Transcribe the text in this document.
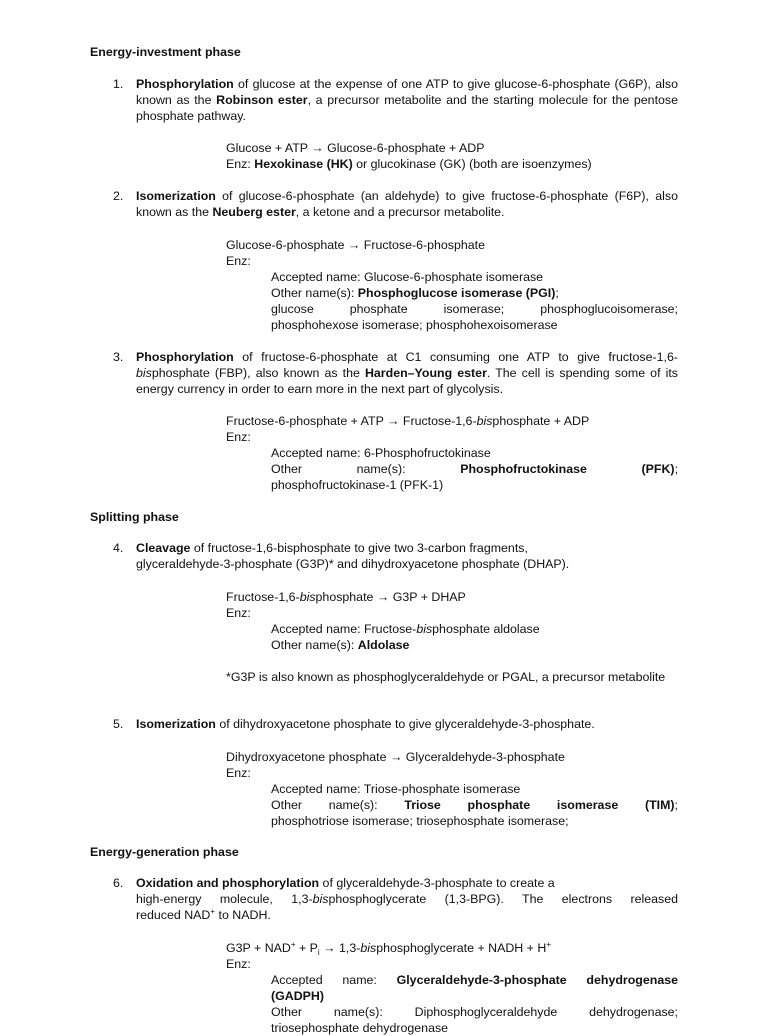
Energy-investment phase

1. Phosphorylation of glucose at the expense of one ATP to give glucose-6-phosphate (G6P), also known as the Robinson ester, a precursor metabolite and the starting molecule for the pentose phosphate pathway.

Glucose + ATP → Glucose-6-phosphate + ADP

Enz: Hexokinase (HK) or glucokinase (GK) (both are isoenzymes)

2. Isomerization of glucose-6-phosphate (an aldehyde) to give fructose-6-phosphate (F6P), also known as the Neuberg ester, a ketone and a precursor metabolite.

Glucose-6-phosphate → Fructose-6-phosphate

Enz:

Accepted name: Glucose-6-phosphate isomerase

Other name(s): Phosphoglucose isomerase (PGI);

glucose phosphate isomerase; phosphoglucoisomerase;

phosphohexose isomerase; phosphohexoisomerase

3. Phosphorylation of fructose-6-phosphate at C1 consuming one ATP to give fructose-1,6-bisphosphate (FBP), also known as the Harden–Young ester. The cell is spending some of its energy currency in order to earn more in the next part of glycolysis.

Fructose-6-phosphate + ATP → Fructose-1,6-bisphosphate + ADP

Enz:

Accepted name: 6-Phosphofructokinase

Other name(s): Phosphofructokinase (PFK);

phosphofructokinase-1 (PFK-1)

Splitting phase

4. Cleavage of fructose-1,6-bisphosphate to give two 3-carbon fragments,

glyceraldehyde-3-phosphate (G3P)* and dihydroxyacetone phosphate (DHAP).

Fructose-1,6-bisphosphate → G3P + DHAP

Enz:

Accepted name: Fructose-bisphosphate aldolase

Other name(s): Aldolase

*G3P is also known as phosphoglyceraldehyde or PGAL, a precursor metabolite

5. Isomerization of dihydroxyacetone phosphate to give glyceraldehyde-3-phosphate.

Dihydroxyacetone phosphate → Glyceraldehyde-3-phosphate

Enz:

Accepted name: Triose-phosphate isomerase

Other name(s): Triose phosphate isomerase (TIM);

phosphotriose isomerase; triosephosphate isomerase;

Energy-generation phase

6. Oxidation and phosphorylation of glyceraldehyde-3-phosphate to create a

high-energy molecule, 1,3-bisphosphoglycerate (1,3-BPG). The electrons released

reduced NAD+ to NADH.

$G3P + NAD^+ + P_i$ → 1,3-bisphosphoglycerate + NADH + H+

Enz:

Accepted name: Glyceraldehyde-3-phosphate dehydrogenase

(GADPH)

Other name(s): Diphosphoglyceraldehyde dehydrogenase;

triosephosphate dehydrogenase
